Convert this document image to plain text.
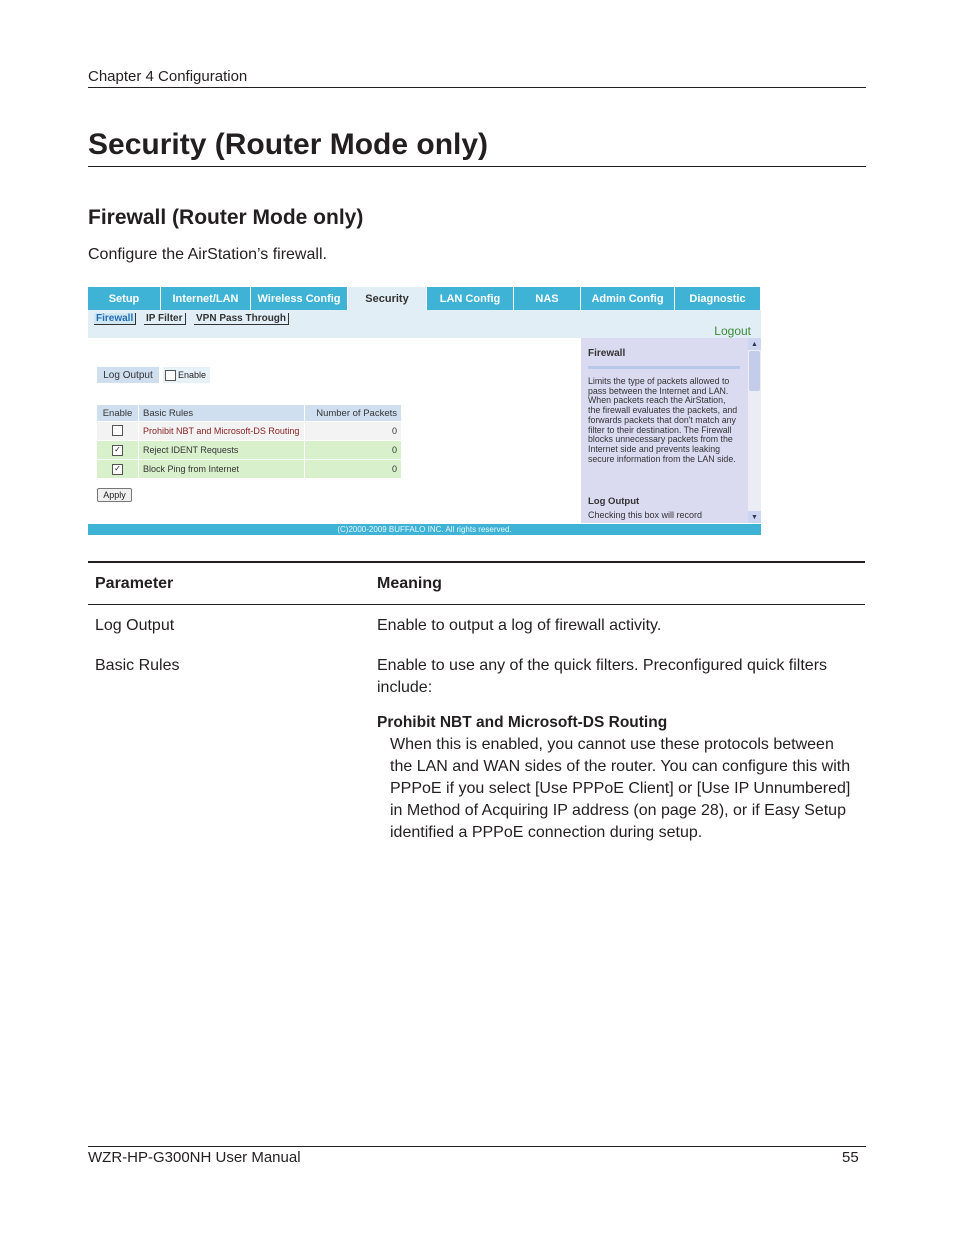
Chapter 4 Configuration
Security (Router Mode only)
Firewall (Router Mode only)
Configure the AirStation’s firewall.
Setup	Internet/LAN	Wireless Config	Security	LAN Config	NAS	Admin Config	Diagnostic
Firewall	IP Filter	VPN Pass Through
Logout
Log Output	Enable
Enable	Basic Rules	Number of Packets
	Prohibit NBT and Microsoft-DS Routing	0
✓	Reject IDENT Requests	0
✓	Block Ping from Internet	0
Apply
Firewall
Limits the type of packets allowed to pass between the Internet and LAN. When packets reach the AirStation, the firewall evaluates the packets, and forwards packets that don't match any filter to their destination. The Firewall blocks unnecessary packets from the Internet side and prevents leaking secure information from the LAN side.
Log Output
Checking this box will record
▲
▼
(C)2000-2009 BUFFALO INC. All rights reserved.
Parameter	Meaning
Log Output	Enable to output a log of firewall activity.
Basic Rules	Enable to use any of the quick filters. Preconfigured quick filters include:
Prohibit NBT and Microsoft-DS Routing
When this is enabled, you cannot use these protocols between the LAN and WAN sides of the router. You can configure this with PPPoE if you select [Use PPPoE Client] or [Use IP Unnumbered] in Method of Acquiring IP address (on page 28), or if Easy Setup identified a PPPoE connection during setup.
WZR-HP-G300NH User Manual	55
